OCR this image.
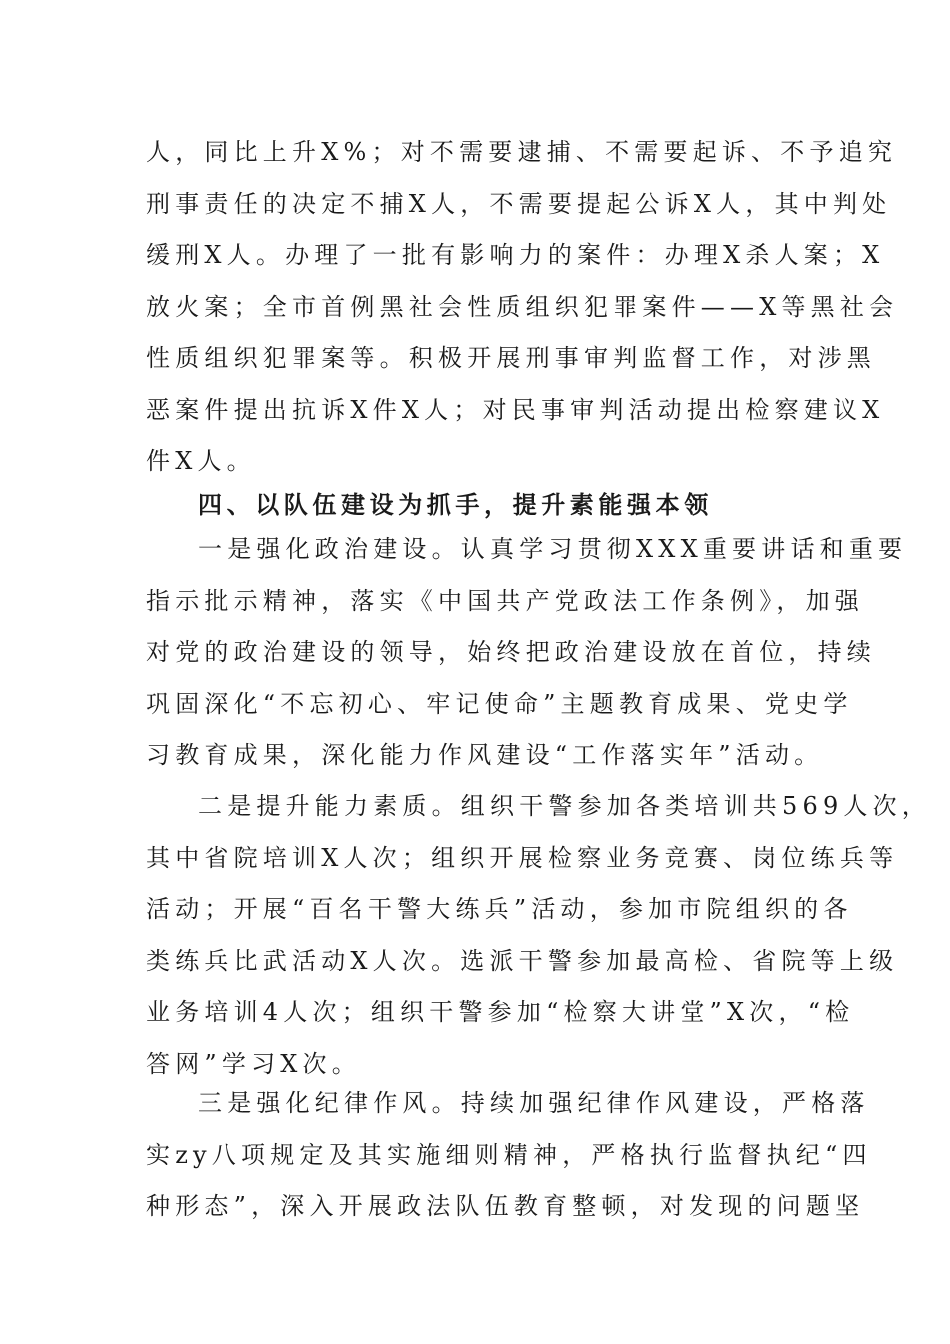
人，同比上升X%；对不需要逮捕、不需要起诉、不予追究
刑事责任的决定不捕X人，不需要提起公诉X人，其中判处
缓刑X人。办理了一批有影响力的案件：办理X杀人案；X
放火案；全市首例黑社会性质组织犯罪案件——X等黑社会
性质组织犯罪案等。积极开展刑事审判监督工作，对涉黑
恶案件提出抗诉X件X人；对民事审判活动提出检察建议X
件X人。
四、以队伍建设为抓手，提升素能强本领
一是强化政治建设。认真学习贯彻XXX重要讲话和重要
指示批示精神，落实《中国共产党政法工作条例》，加强
对党的政治建设的领导，始终把政治建设放在首位，持续
巩固深化“不忘初心、牢记使命”主题教育成果、党史学
习教育成果，深化能力作风建设“工作落实年”活动。
二是提升能力素质。组织干警参加各类培训共569人次，
其中省院培训X人次；组织开展检察业务竞赛、岗位练兵等
活动；开展“百名干警大练兵”活动，参加市院组织的各
类练兵比武活动X人次。选派干警参加最高检、省院等上级
业务培训4人次；组织干警参加“检察大讲堂”X次，“检
答网”学习X次。
三是强化纪律作风。持续加强纪律作风建设，严格落
实zy八项规定及其实施细则精神，严格执行监督执纪“四
种形态”，深入开展政法队伍教育整顿，对发现的问题坚
